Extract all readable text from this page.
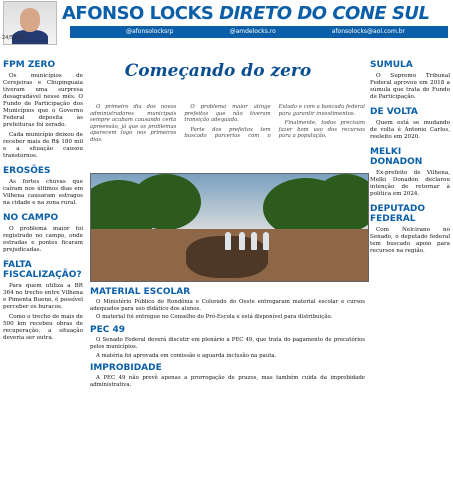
AFONSO LOCKS DIRETO DO CONE SUL
@afonsolocksrp	@amdelocks.ro	afonsolocks@aol.com.br
24/5/2023
FPM ZERO

Os municípios de Cerejeiras e Chupinguaia tiveram uma surpresa desagradável nesse mês. O Fundo de Participação dos Municípios que o Governo Federal deposita às prefeituras foi zerado.

Cada município deixou de receber mais de R$ 180 mil e a situação causou transtornos.

EROSÕES

As fortes chuvas que caíram nos últimos dias em Vilhena causaram estragos na cidade e na zona rural.

NO CAMPO

O problema maior foi registrado no campo, onde estradas e pontes ficaram prejudicadas.

FALTA FISCALIZAÇÃO?

Para quem utiliza a BR 364 no trecho entre Vilhena e Pimenta Bueno, é possível perceber os buracos.

Como o trecho de mais de 500 km recebeu obras de recuperação, a situação deveria ser outra.

Começando do zero

O primeiro dia dos novos administradores municipais sempre acabam causando certa apreensão, já que os problemas aparecem logo nos primeiros dias.

O problema maior atinge prefeitos que não tiveram transição adequada.

Parte dos prefeitos tem buscado parcerias com o Estado e com a bancada federal para garantir investimentos.

Finalmente, todos precisam fazer bom uso dos recursos para a população.

MATERIAL ESCOLAR

O Ministério Público de Rondônia e Colorado do Oeste entregaram material escolar e cursos adequados para uso didático dos alunos.

O material foi entregue no Conselho do Pró-Escola e está disponível para distribuição.

PEC 49

O Senado Federal deverá discutir em plenário a PEC 49, que trata do pagamento de precatórios pelos municípios.

A matéria foi aprovada em comissão e aguarda inclusão na pauta.

IMPROBIDADE

A PEC 49 não prevê apenas a prorrogação de prazos, mas também cuida da improbidade administrativa.

SUMULA

O Supremo Tribunal Federal aprovou em 2018 a súmula que trata do Fundo de Participação.

DE VOLTA

Quem está se mudando de volta é Antonio Carlos, reeleito em 2020.

MELKI DONADON

Ex-prefeito de Vilhena, Melki Donadon declarou intenção de retornar à política em 2024.

DEPUTADO FEDERAL

Com Nelcirano no Senado, o deputado federal tem buscado apoio para recursos na região.
